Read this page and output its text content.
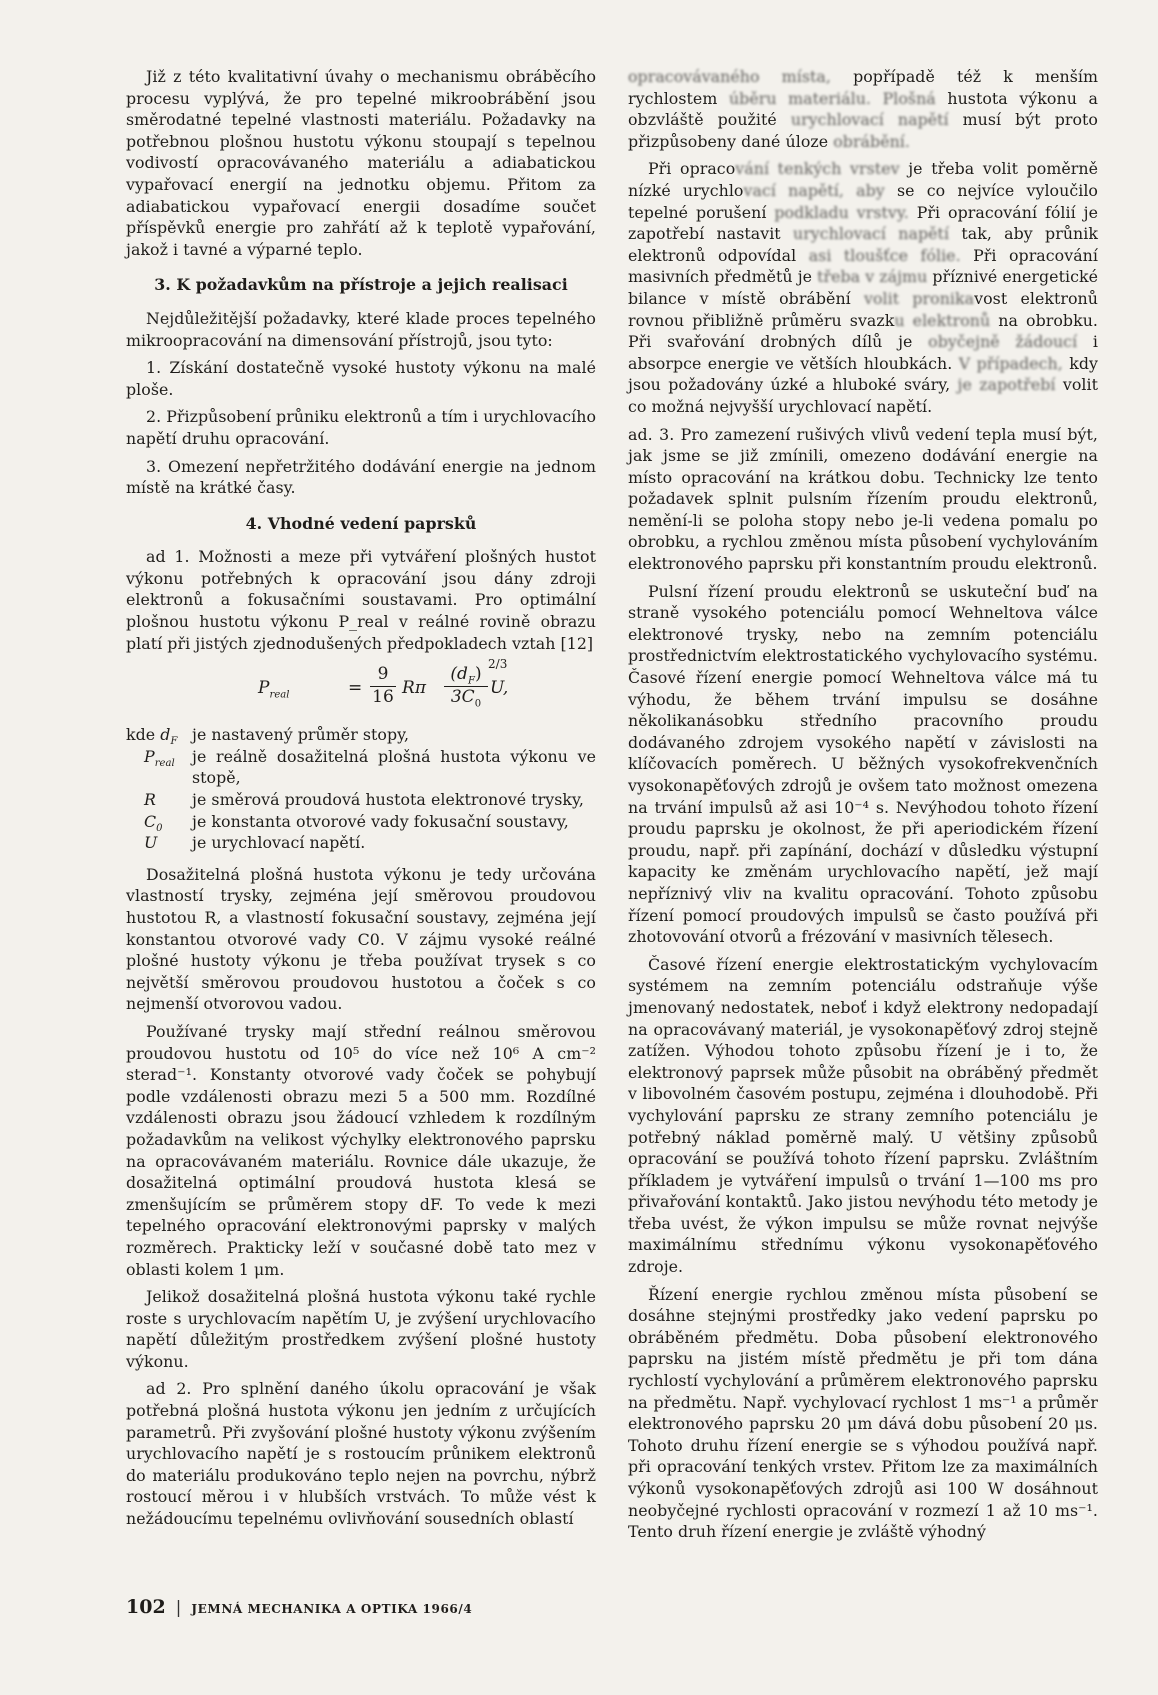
Již z této kvalitativní úvahy o mechanismu obráběcího procesu vyplývá, že pro tepelné mikroobrábění jsou směrodatné tepelné vlastnosti materiálu. Požadavky na potřebnou plošnou hustotu výkonu stoupají s tepelnou vodivostí opracovávaného materiálu a adiabatickou vypařovací energií na jednotku objemu. Přitom za adiabatickou vypařovací energii dosadíme součet příspěvků energie pro zahřátí až k teplotě vypařování, jakož i tavné a výparné teplo.

3. K požadavkům na přístroje a jejich realisaci

Nejdůležitější požadavky, které klade proces tepelného mikroopracování na dimensování přístrojů, jsou tyto:

1. Získání dostatečně vysoké hustoty výkonu na malé ploše.

2. Přizpůsobení průniku elektronů a tím i urychlovacího napětí druhu opracování.

3. Omezení nepřetržitého dodávání energie na jednom místě na krátké časy.

4. Vhodné vedení paprsků

ad 1. Možnosti a meze při vytváření plošných hustot výkonu potřebných k opracování jsou dány zdroji elektronů a fokusačními soustavami. Pro optimální plošnou hustotu výkonu P_real v reálné rovině obrazu platí při jistých zjednodušených předpokladech vztah [12]

$P_{real}$	= $\frac{9}{16}$ Rπ $\frac{(d_F)}{3C_0} 2/3$
U,
kde $d_F$ je nastavený průměr stopy,
$P_{real}$	je reálně dosažitelná plošná hustota výkonu ve stopě,
R	je směrová proudová hustota elektronové trysky,
$C_0$	je konstanta otvorové vady fokusační soustavy,
U	je urychlovací napětí.

Dosažitelná plošná hustota výkonu je tedy určována vlastností trysky, zejména její směrovou proudovou hustotou R, a vlastností fokusační soustavy, zejména její konstantou otvorové vady C0. V zájmu vysoké reálné plošné hustoty výkonu je třeba používat trysek s co největší směrovou proudovou hustotou a čoček s co nejmenší otvorovou vadou.

Používané trysky mají střední reálnou směrovou proudovou hustotu od 10⁵ do více než 10⁶ A cm⁻² sterad⁻¹. Konstanty otvorové vady čoček se pohybují podle vzdálenosti obrazu mezi 5 a 500 mm. Rozdílné vzdálenosti obrazu jsou žádoucí vzhledem k rozdílným požadavkům na velikost výchylky elektronového paprsku na opracovávaném materiálu. Rovnice dále ukazuje, že dosažitelná optimální proudová hustota klesá se zmenšujícím se průměrem stopy dF. To vede k mezi tepelného opracování elektronovými paprsky v malých rozměrech. Prakticky leží v současné době tato mez v oblasti kolem 1 μm.

Jelikož dosažitelná plošná hustota výkonu také rychle roste s urychlovacím napětím U, je zvýšení urychlovacího napětí důležitým prostředkem zvýšení plošné hustoty výkonu.

ad 2. Pro splnění daného úkolu opracování je však potřebná plošná hustota výkonu jen jedním z určujících parametrů. Při zvyšování plošné hustoty výkonu zvýšením urychlovacího napětí je s rostoucím průnikem elektronů do materiálu produkováno teplo nejen na povrchu, nýbrž rostoucí měrou i v hlubších vrstvách. To může vést k nežádoucímu tepelnému ovlivňování sousedních oblastí

opracovávaného místa, popřípadě též k menším rychlostem úběru materiálu. Plošná hustota výkonu a obzvláště použité urychlovací napětí musí být proto přizpůsobeny dané úloze obrábění.

Při opracování tenkých vrstev je třeba volit poměrně nízké urychlovací napětí, aby se co nejvíce vyloučilo tepelné porušení podkladu vrstvy. Při opracování fólií je zapotřebí nastavit urychlovací napětí tak, aby průnik elektronů odpovídal asi tloušťce fólie. Při opracování masivních předmětů je třeba v zájmu příznivé energetické bilance v místě obrábění volit pronikavost elektronů rovnou přibližně průměru svazku elektronů na obrobku. Při svařování drobných dílů je obyčejně žádoucí i absorpce energie ve větších hloubkách. V případech, kdy jsou požadovány úzké a hluboké sváry, je zapotřebí volit co možná nejvyšší urychlovací napětí.

ad. 3. Pro zamezení rušivých vlivů vedení tepla musí být, jak jsme se již zmínili, omezeno dodávání energie na místo opracování na krátkou dobu. Technicky lze tento požadavek splnit pulsním řízením proudu elektronů, nemění-li se poloha stopy nebo je-li vedena pomalu po obrobku, a rychlou změnou místa působení vychylováním elektronového paprsku při konstantním proudu elektronů.

Pulsní řízení proudu elektronů se uskuteční buď na straně vysokého potenciálu pomocí Wehneltova válce elektronové trysky, nebo na zemním potenciálu prostřednictvím elektrostatického vychylovacího systému. Časové řízení energie pomocí Wehneltova válce má tu výhodu, že během trvání impulsu se dosáhne několikanásobku středního pracovního proudu dodávaného zdrojem vysokého napětí v závislosti na klíčovacích poměrech. U běžných vysokofrekvenčních vysokonapěťových zdrojů je ovšem tato možnost omezena na trvání impulsů až asi 10⁻⁴ s. Nevýhodou tohoto řízení proudu paprsku je okolnost, že při aperiodickém řízení proudu, např. při zapínání, dochází v důsledku výstupní kapacity ke změnám urychlovacího napětí, jež mají nepříznivý vliv na kvalitu opracování. Tohoto způsobu řízení pomocí proudových impulsů se často používá při zhotovování otvorů a frézování v masivních tělesech.

Časové řízení energie elektrostatickým vychylovacím systémem na zemním potenciálu odstraňuje výše jmenovaný nedostatek, neboť i když elektrony nedopadají na opracovávaný materiál, je vysokonapěťový zdroj stejně zatížen. Výhodou tohoto způsobu řízení je i to, že elektronový paprsek může působit na obráběný předmět v libovolném časovém postupu, zejména i dlouhodobě. Při vychylování paprsku ze strany zemního potenciálu je potřebný náklad poměrně malý. U většiny způsobů opracování se používá tohoto řízení paprsku. Zvláštním příkladem je vytváření impulsů o trvání 1—100 ms pro přivařování kontaktů. Jako jistou nevýhodu této metody je třeba uvést, že výkon impulsu se může rovnat nejvýše maximálnímu střednímu výkonu vysokonapěťového zdroje.

Řízení energie rychlou změnou místa působení se dosáhne stejnými prostředky jako vedení paprsku po obráběném předmětu. Doba působení elektronového paprsku na jistém místě předmětu je při tom dána rychlostí vychylování a průměrem elektronového paprsku na předmětu. Např. vychylovací rychlost 1 ms⁻¹ a průměr elektronového paprsku 20 μm dává dobu působení 20 μs. Tohoto druhu řízení energie se s výhodou používá např. při opracování tenkých vrstev. Přitom lze za maximálních výkonů vysokonapěťových zdrojů asi 100 W dosáhnout neobyčejné rychlosti opracování v rozmezí 1 až 10 ms⁻¹. Tento druh řízení energie je zvláště výhodný

102 | JEMNÁ MECHANIKA A OPTIKA 1966/4
